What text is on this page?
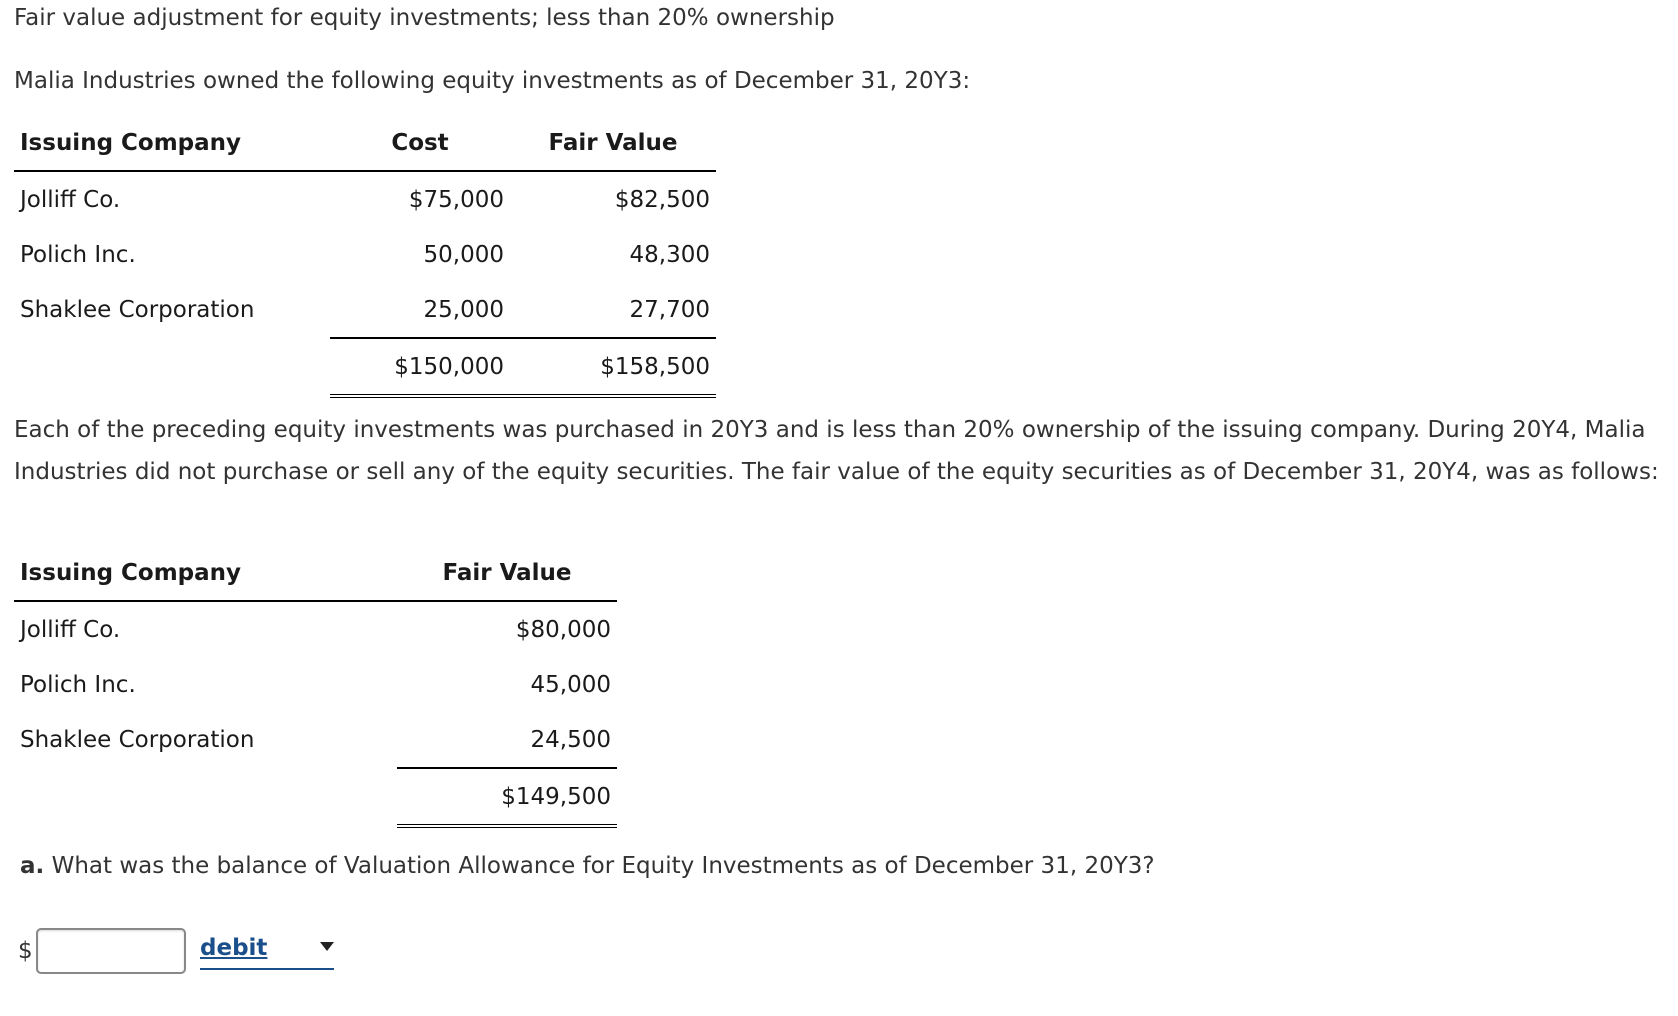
Fair value adjustment for equity investments; less than 20% ownership
Malia Industries owned the following equity investments as of December 31, 20Y3:
Issuing Company	Cost	Fair Value
Jolliff Co.	$75,000	$82,500
Polich Inc.	50,000	48,300
Shaklee Corporation	25,000	27,700
	$150,000	$158,500
Each of the preceding equity investments was purchased in 20Y3 and is less than 20% ownership of the issuing company. During 20Y4, Malia Industries did not purchase or sell any of the equity securities. The fair value of the equity securities as of December 31, 20Y4, was as follows:
Issuing Company	Fair Value
Jolliff Co.	$80,000
Polich Inc.	45,000
Shaklee Corporation	24,500
	$149,500
a. What was the balance of Valuation Allowance for Equity Investments as of December 31, 20Y3?
$	debit
